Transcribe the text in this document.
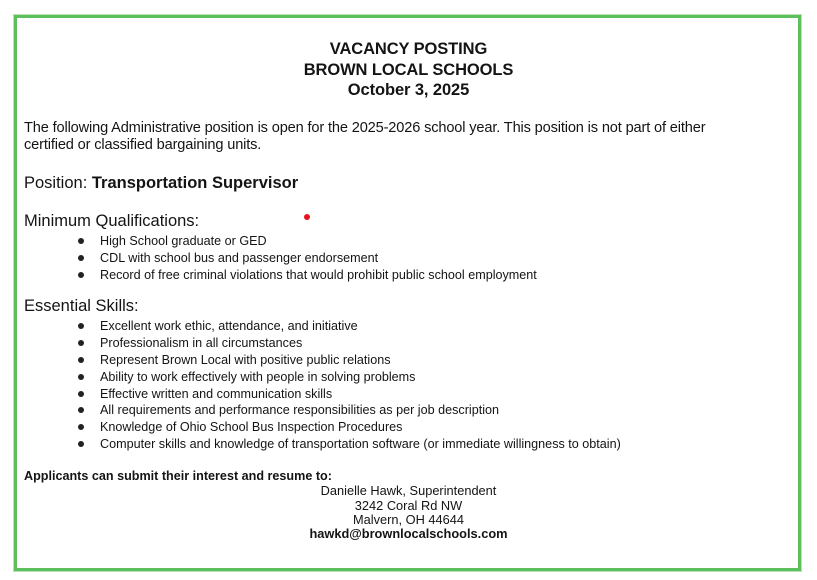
VACANCY POSTING
BROWN LOCAL SCHOOLS
October 3, 2025
The following Administrative position is open for the 2025-2026 school year. This position is not part of either
certified or classified bargaining units.
Position: Transportation Supervisor
Minimum Qualifications:
High School graduate or GED
CDL with school bus and passenger endorsement
Record of free criminal violations that would prohibit public school employment
Essential Skills:
Excellent work ethic, attendance, and initiative
Professionalism in all circumstances
Represent Brown Local with positive public relations
Ability to work effectively with people in solving problems
Effective written and communication skills
All requirements and performance responsibilities as per job description
Knowledge of Ohio School Bus Inspection Procedures
Computer skills and knowledge of transportation software (or immediate willingness to obtain)
Applicants can submit their interest and resume to:
Danielle Hawk, Superintendent
3242 Coral Rd NW
Malvern, OH 44644
hawkd@brownlocalschools.com
